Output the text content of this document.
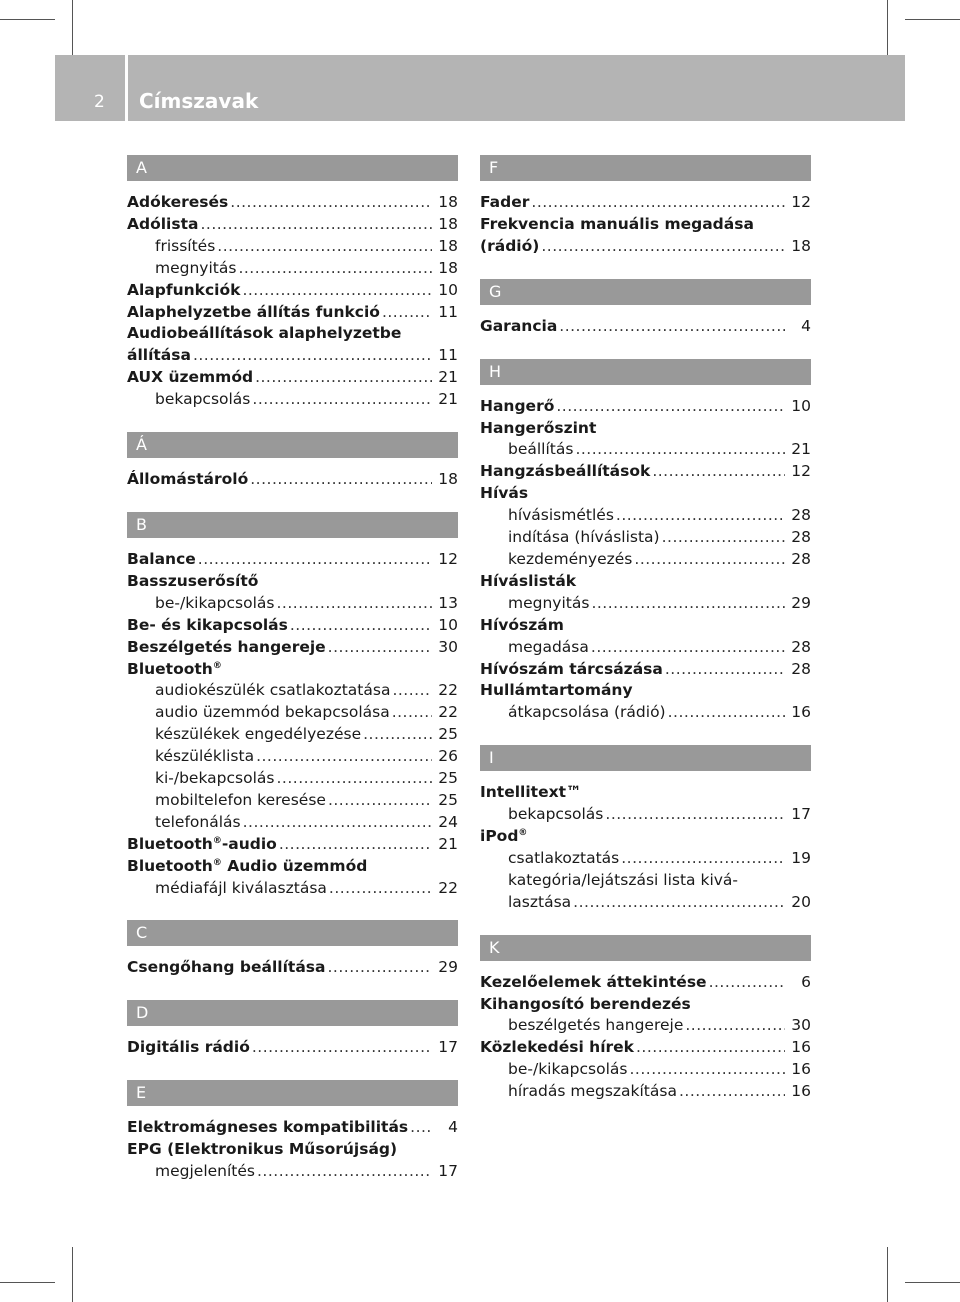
2 Címszavak
A
Adókeresés .....	18
Adólista .....	18
frissítés .....	18
megnyitás .....	18
Alapfunkciók .....	10
Alaphelyzetbe állítás funkció .....	11
Audiobeállítások alaphelyzetbe
állítása .....	11
AUX üzemmód .....	21
bekapcsolás .....	21
Á
Állomástároló .....	18
B
Balance .....	12
Basszuserősítő
be-/kikapcsolás .....	13
Be- és kikapcsolás .....	10
Beszélgetés hangereje .....	30
Bluetooth®
audiokészülék csatlakoztatása .....	22
audio üzemmód bekapcsolása .....	22
készülékek engedélyezése .....	25
készüléklista .....	26
ki-/bekapcsolás .....	25
mobiltelefon keresése .....	25
telefonálás .....	24
Bluetooth®-audio .....	21
Bluetooth® Audio üzemmód
médiafájl kiválasztása .....	22
C
Csengőhang beállítása .....	29
D
Digitális rádió .....	17
E
Elektromágneses kompatibilitás .....	4
EPG (Elektronikus Műsorújság)
megjelenítés .....	17
F
Fader .....	12
Frekvencia manuális megadása
(rádió) .....	18
G
Garancia .....	4
H
Hangerő .....	10
Hangerőszint
beállítás .....	21
Hangzásbeállítások .....	12
Hívás
hívásismétlés .....	28
indítása (híváslista) .....	28
kezdeményezés .....	28
Híváslisták
megnyitás .....	29
Hívószám
megadása .....	28
Hívószám tárcsázása .....	28
Hullámtartomány
átkapcsolása (rádió) .....	16
I
Intellitext™
bekapcsolás .....	17
iPod®
csatlakoztatás .....	19
kategória/lejátszási lista kivá-
lasztása .....	20
K
Kezelőelemek áttekintése .....	6
Kihangosító berendezés
beszélgetés hangereje .....	30
Közlekedési hírek .....	16
be-/kikapcsolás .....	16
híradás megszakítása .....	16
